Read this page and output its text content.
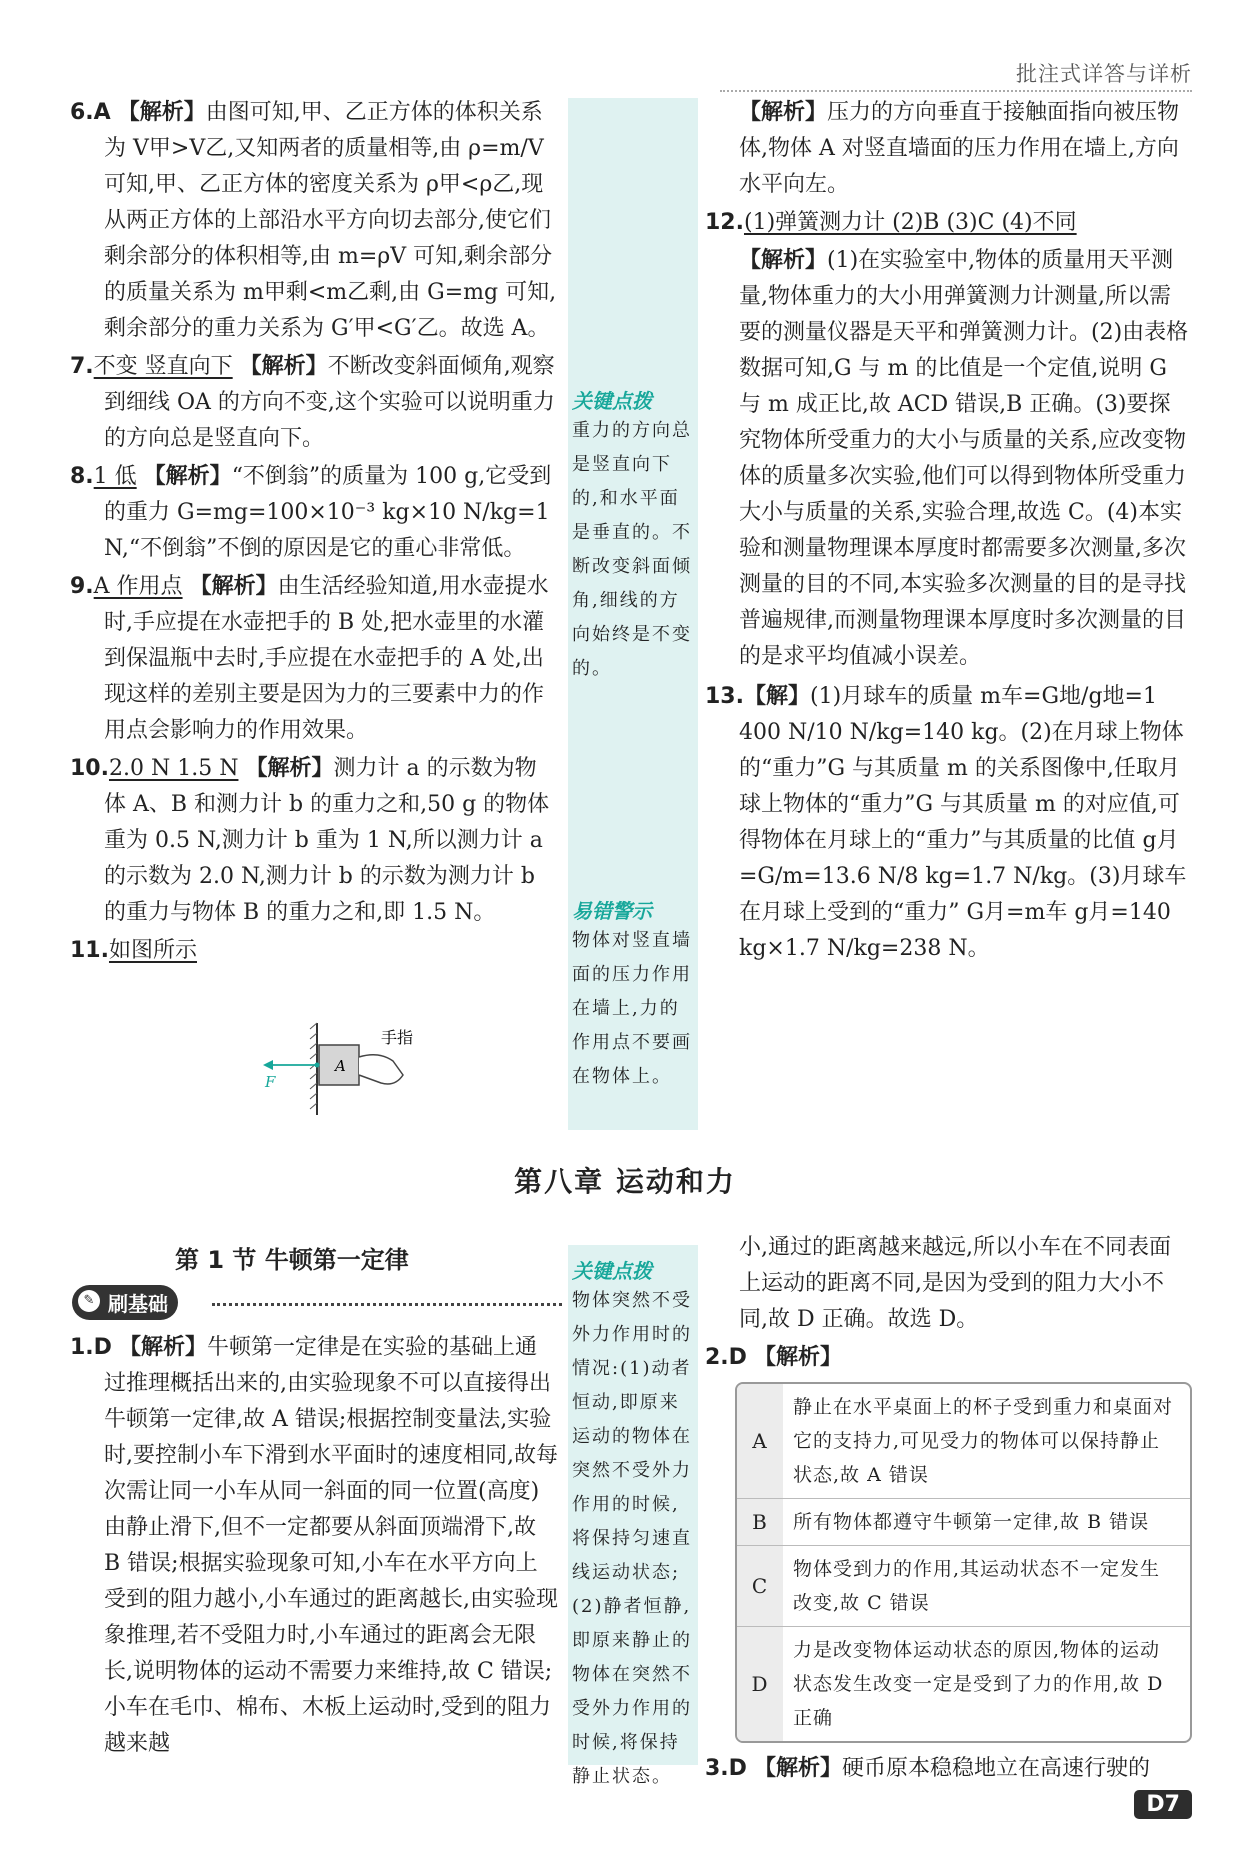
批注式详答与详析

6.A 【解析】由图可知,甲、乙正方体的体积关系为 V甲>V乙,又知两者的质量相等,由 ρ=m/V 可知,甲、乙正方体的密度关系为 ρ甲<ρ乙,现从两正方体的上部沿水平方向切去部分,使它们剩余部分的体积相等,由 m=ρV 可知,剩余部分的质量关系为 m甲剩<m乙剩,由 G=mg 可知,剩余部分的重力关系为 G′甲<G′乙。故选 A。

7.不变 竖直向下 【解析】不断改变斜面倾角,观察到细线 OA 的方向不变,这个实验可以说明重力的方向总是竖直向下。

8.1 低 【解析】“不倒翁”的质量为 100 g,它受到的重力 G=mg=100×10⁻³ kg×10 N/kg=1 N,“不倒翁”不倒的原因是它的重心非常低。

9.A 作用点 【解析】由生活经验知道,用水壶提水时,手应提在水壶把手的 B 处,把水壶里的水灌到保温瓶中去时,手应提在水壶把手的 A 处,出现这样的差别主要是因为力的三要素中力的作用点会影响力的作用效果。

10.2.0 N 1.5 N 【解析】测力计 a 的示数为物体 A、B 和测力计 b 的重力之和,50 g 的物体重为 0.5 N,测力计 b 重为 1 N,所以测力计 a 的示数为 2.0 N,测力计 b 的示数为测力计 b 的重力与物体 B 的重力之和,即 1.5 N。

11.如图所示

A
手指
F
关键点拨

重力的方向总是竖直向下的,和水平面是垂直的。不断改变斜面倾角,细线的方向始终是不变的。

易错警示

物体对竖直墙面的压力作用在墙上,力的作用点不要画在物体上。

【解析】压力的方向垂直于接触面指向被压物体,物体 A 对竖直墙面的压力作用在墙上,方向水平向左。

12.(1)弹簧测力计 (2)B (3)C (4)不同

【解析】(1)在实验室中,物体的质量用天平测量,物体重力的大小用弹簧测力计测量,所以需要的测量仪器是天平和弹簧测力计。(2)由表格数据可知,G 与 m 的比值是一个定值,说明 G 与 m 成正比,故 ACD 错误,B 正确。(3)要探究物体所受重力的大小与质量的关系,应改变物体的质量多次实验,他们可以得到物体所受重力大小与质量的关系,实验合理,故选 C。(4)本实验和测量物理课本厚度时都需要多次测量,多次测量的目的不同,本实验多次测量的目的是寻找普遍规律,而测量物理课本厚度时多次测量的目的是求平均值减小误差。

13.【解】(1)月球车的质量 m车=G地/g地=1 400 N/10 N/kg=140 kg。(2)在月球上物体的“重力”G 与其质量 m 的关系图像中,任取月球上物体的“重力”G 与其质量 m 的对应值,可得物体在月球上的“重力”与其质量的比值 g月=G/m=13.6 N/8 kg=1.7 N/kg。(3)月球车在月球上受到的“重力” G月=m车 g月=140 kg×1.7 N/kg=238 N。

第八章 运动和力
第 1 节 牛顿第一定律
✎ 刷基础

1.D 【解析】牛顿第一定律是在实验的基础上通过推理概括出来的,由实验现象不可以直接得出牛顿第一定律,故 A 错误;根据控制变量法,实验时,要控制小车下滑到水平面时的速度相同,故每次需让同一小车从同一斜面的同一位置(高度)由静止滑下,但不一定都要从斜面顶端滑下,故 B 错误;根据实验现象可知,小车在水平方向上受到的阻力越小,小车通过的距离越长,由实验现象推理,若不受阻力时,小车通过的距离会无限长,说明物体的运动不需要力来维持,故 C 错误;小车在毛巾、棉布、木板上运动时,受到的阻力越来越

关键点拨

物体突然不受外力作用时的情况:(1)动者恒动,即原来运动的物体在突然不受外力作用的时候,将保持匀速直线运动状态;(2)静者恒静,即原来静止的物体在突然不受外力作用的时候,将保持静止状态。

小,通过的距离越来越远,所以小车在不同表面上运动的距离不同,是因为受到的阻力大小不同,故 D 正确。故选 D。

2.D 【解析】

A	静止在水平桌面上的杯子受到重力和桌面对它的支持力,可见受力的物体可以保持静止状态,故 A 错误
B	所有物体都遵守牛顿第一定律,故 B 错误
C	物体受到力的作用,其运动状态不一定发生改变,故 C 错误
D	力是改变物体运动状态的原因,物体的运动状态发生改变一定是受到了力的作用,故 D 正确

3.D 【解析】硬币原本稳稳地立在高速行驶的

D7
